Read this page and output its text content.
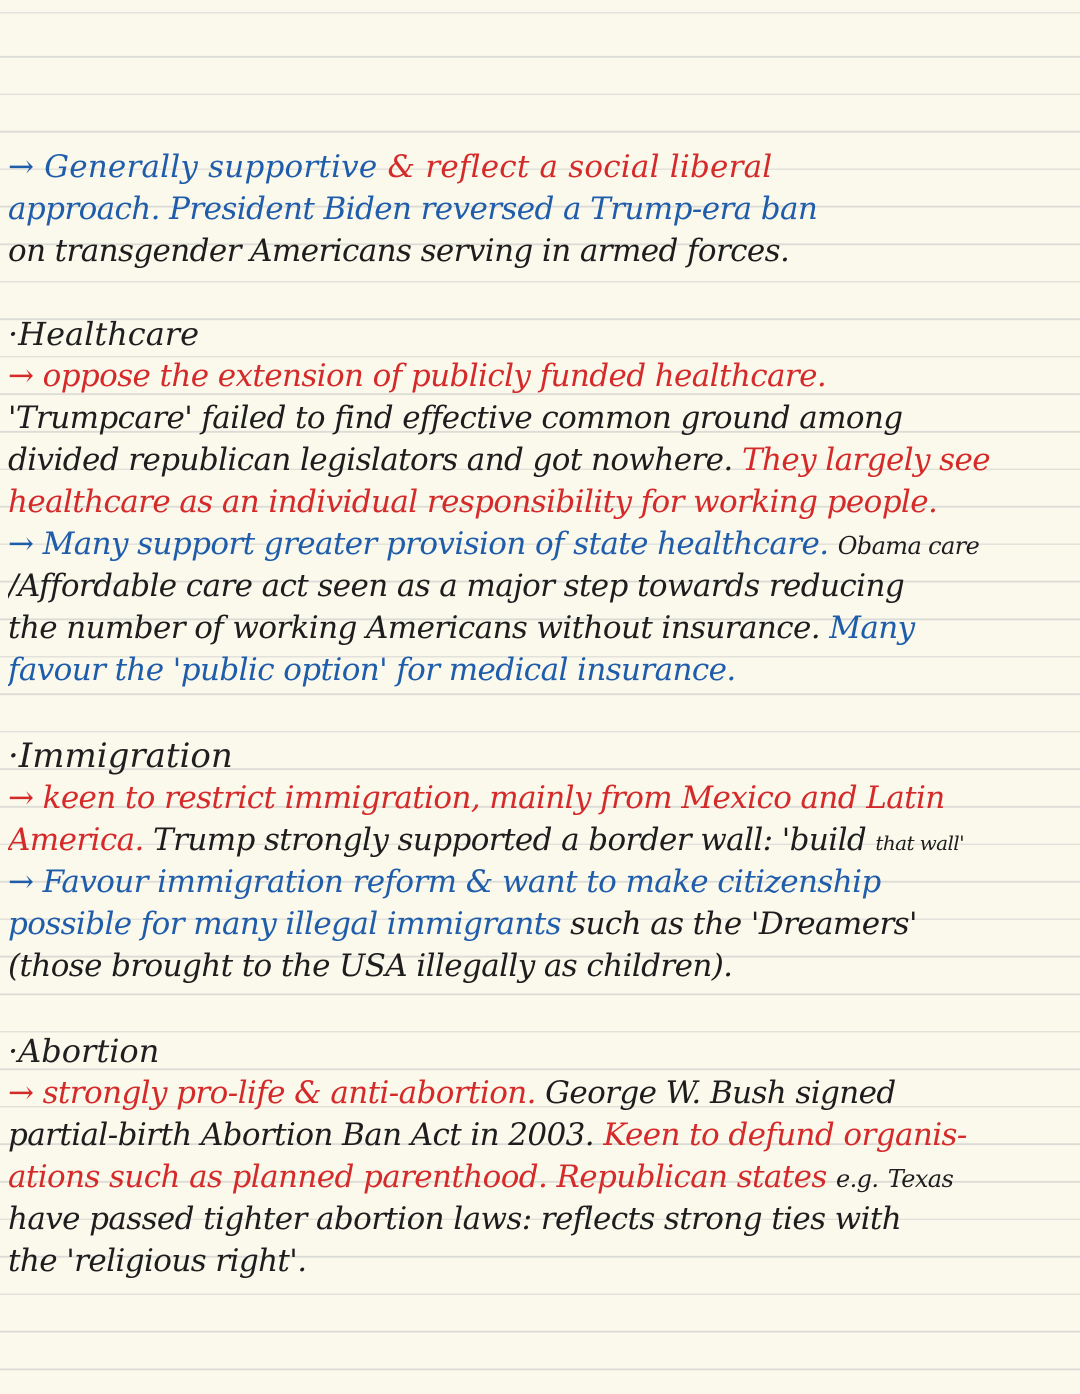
→ Generally supportive & reflect a social liberal
approach. President Biden reversed a Trump-era ban
on transgender Americans serving in armed forces.
·Healthcare
→ oppose the extension of publicly funded healthcare.
'Trumpcare' failed to find effective common ground among
divided republican legislators and got nowhere. They largely see
healthcare as an individual responsibility for working people.
→ Many support greater provision of state healthcare. Obama care
/Affordable care act seen as a major step towards reducing
the number of working Americans without insurance. Many
favour the 'public option' for medical insurance.
·Immigration
→ keen to restrict immigration, mainly from Mexico and Latin
America. Trump strongly supported a border wall: 'build that wall'
→ Favour immigration reform & want to make citizenship
possible for many illegal immigrants such as the 'Dreamers'
(those brought to the USA illegally as children).
·Abortion
→ strongly pro-life & anti-abortion. George W. Bush signed
partial-birth Abortion Ban Act in 2003. Keen to defund organis-
ations such as planned parenthood. Republican states e.g. Texas
have passed tighter abortion laws: reflects strong ties with
the 'religious right'.
